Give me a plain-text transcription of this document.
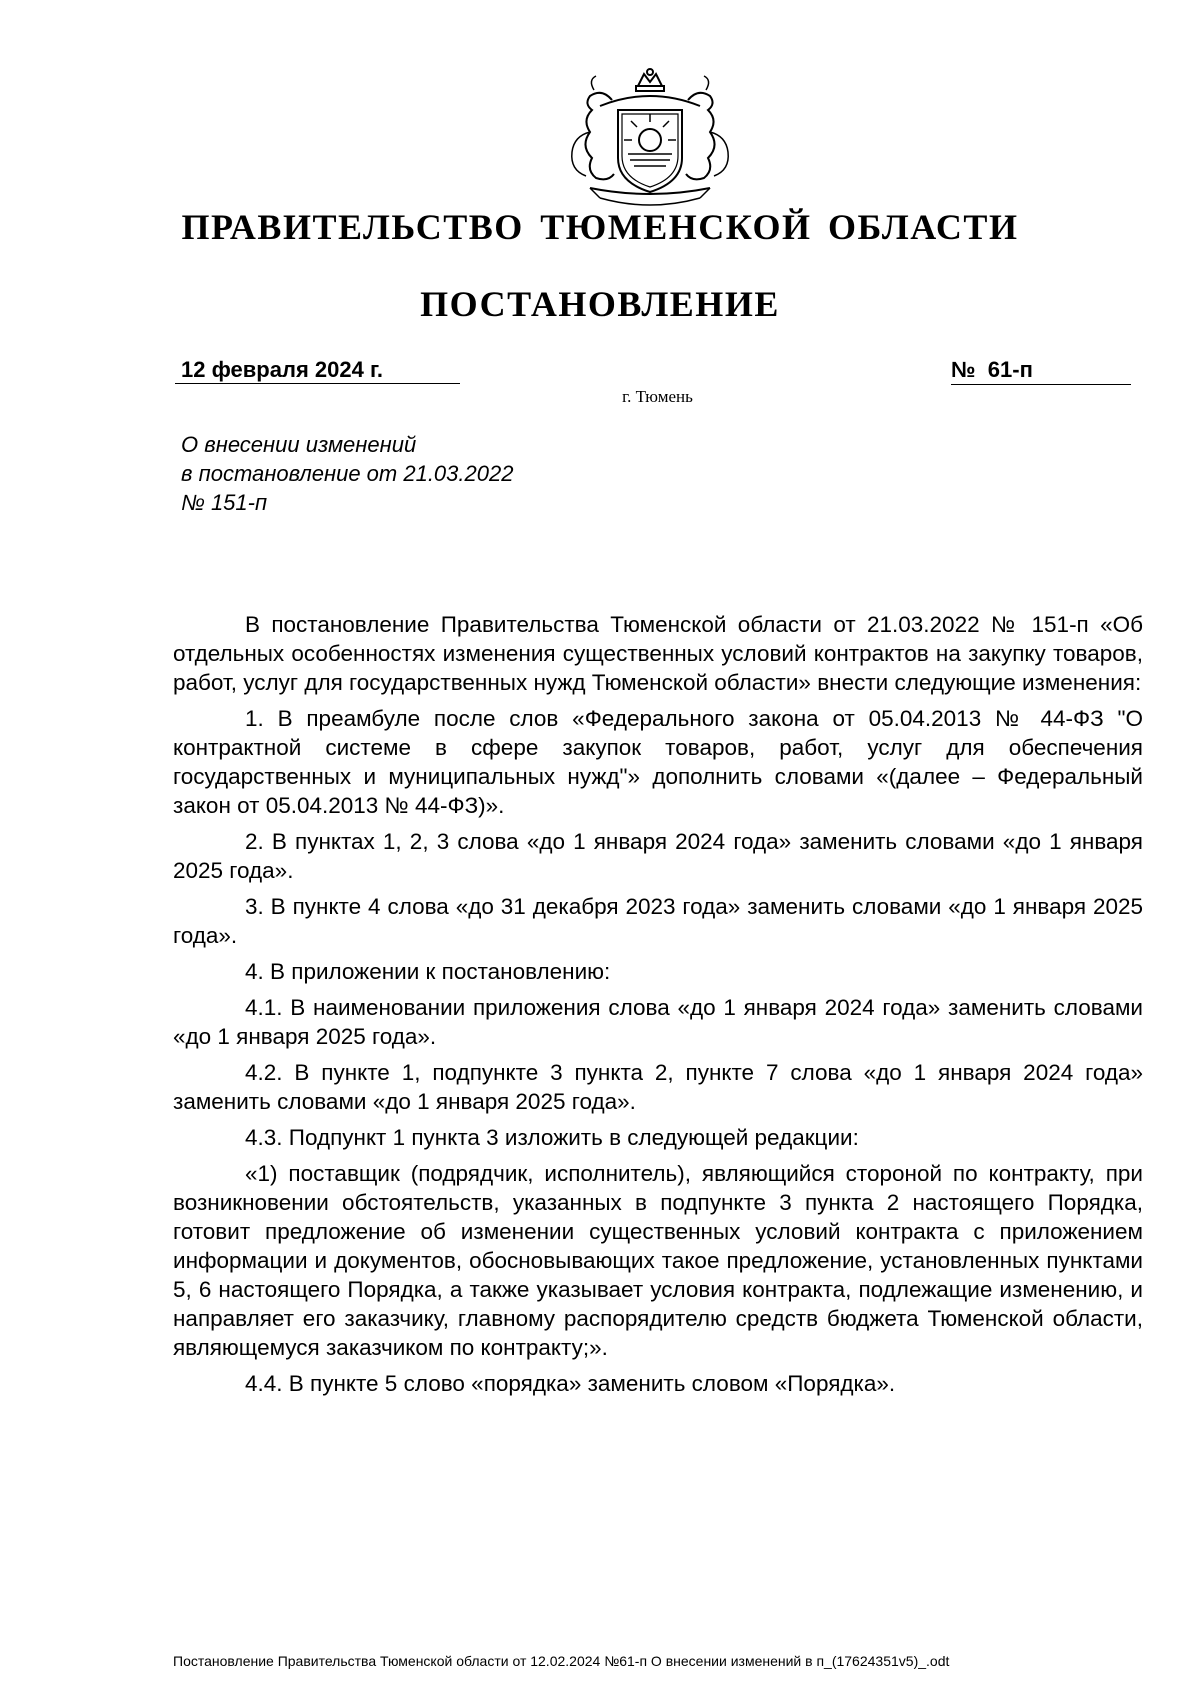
ПРАВИТЕЛЬСТВО ТЮМЕНСКОЙ ОБЛАСТИ
ПОСТАНОВЛЕНИЕ
12 февраля 2024 г.	№ 61-п
г. Тюмень
О внесении изменений
в постановление от 21.03.2022
№ 151-п

В постановление Правительства Тюменской области от 21.03.2022 № 151-п «Об отдельных особенностях изменения существенных условий контрактов на закупку товаров, работ, услуг для государственных нужд Тюменской области» внести следующие изменения:

1. В преамбуле после слов «Федерального закона от 05.04.2013 № 44-ФЗ "О контрактной системе в сфере закупок товаров, работ, услуг для обеспечения государственных и муниципальных нужд"» дополнить словами «(далее – Федеральный закон от 05.04.2013 № 44-ФЗ)».

2. В пунктах 1, 2, 3 слова «до 1 января 2024 года» заменить словами «до 1 января 2025 года».

3. В пункте 4 слова «до 31 декабря 2023 года» заменить словами «до 1 января 2025 года».

4. В приложении к постановлению:

4.1. В наименовании приложения слова «до 1 января 2024 года» заменить словами «до 1 января 2025 года».

4.2. В пункте 1, подпункте 3 пункта 2, пункте 7 слова «до 1 января 2024 года» заменить словами «до 1 января 2025 года».

4.3. Подпункт 1 пункта 3 изложить в следующей редакции:

«1) поставщик (подрядчик, исполнитель), являющийся стороной по контракту, при возникновении обстоятельств, указанных в подпункте 3 пункта 2 настоящего Порядка, готовит предложение об изменении существенных условий контракта с приложением информации и документов, обосновывающих такое предложение, установленных пунктами 5, 6 настоящего Порядка, а также указывает условия контракта, подлежащие изменению, и направляет его заказчику, главному распорядителю средств бюджета Тюменской области, являющемуся заказчиком по контракту;».

4.4. В пункте 5 слово «порядка» заменить словом «Порядка».

Постановление Правительства Тюменской области от 12.02.2024 №61-п О внесении изменений в п_(17624351v5)_.odt
